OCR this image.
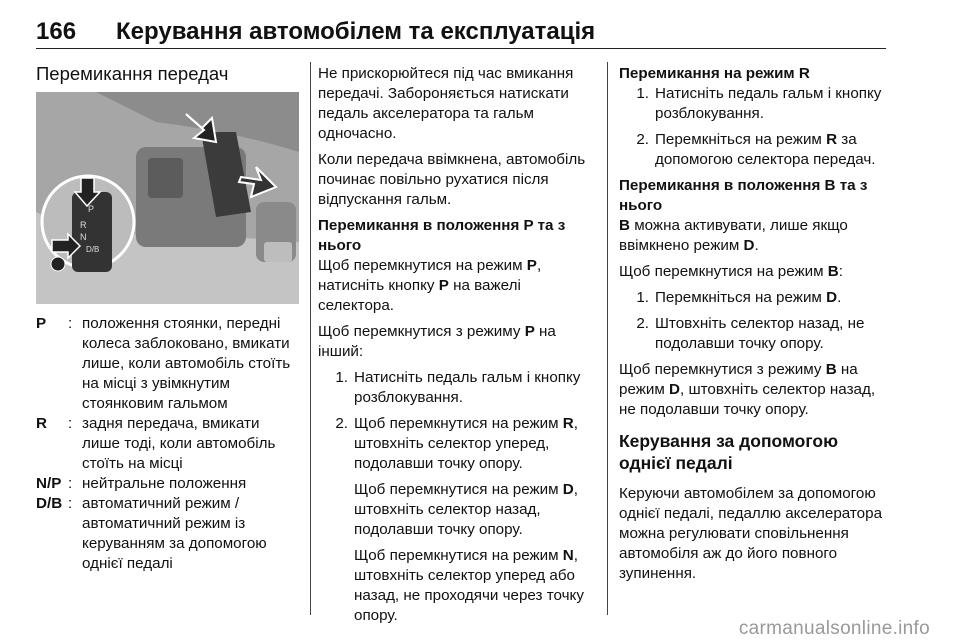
166 Керування автомобілем та експлуатація
Перемикання передач
P
R
N
D/B
P	: положення стоянки, передні колеса заблоковано, вмикати лише, коли автомобіль стоїть на місці з увімкнутим стоянковим гальмом
R	: задня передача, вмикати лише тоді, коли автомобіль стоїть на місці
N/P : нейтральне положення
D/B : автоматичний режим / автоматичний режим із керуванням за допомогою однієї педалі

Не прискорюйтеся під час вмикання передачі. Забороняється натискати педаль акселератора та гальм одночасно.

Коли передача ввімкнена, автомобіль починає повільно рухатися після відпускання гальм.

Перемикання в положення P та з нього

Щоб перемкнутися на режим P, натисніть кнопку P на важелі селектора.

Щоб перемкнутися з режиму P на інший:

1. Натисніть педаль гальм і кнопку розблокування.
2. Щоб перемкнутися на режим R, штовхніть селектор уперед, подолавши точку опору.
Щоб перемкнутися на режим D, штовхніть селектор назад, подолавши точку опору.
Щоб перемкнутися на режим N, штовхніть селектор уперед або назад, не проходячи через точку опору.
Перемикання на режим R
1. Натисніть педаль гальм і кнопку розблокування.
2. Перемкніться на режим R за допомогою селектора передач.
Перемикання в положення B та з нього

B можна активувати, лише якщо ввімкнено режим D.

Щоб перемкнутися на режим B:

1. Перемкніться на режим D.
2. Штовхніть селектор назад, не подолавши точку опору.

Щоб перемкнутися з режиму B на режим D, штовхніть селектор назад, не подолавши точку опору.

Керування за допомогою однієї педалі

Керуючи автомобілем за допомогою однієї педалі, педаллю акселератора можна регулювати сповільнення автомобіля аж до його повного зупинення.

carmanualsonline.info
